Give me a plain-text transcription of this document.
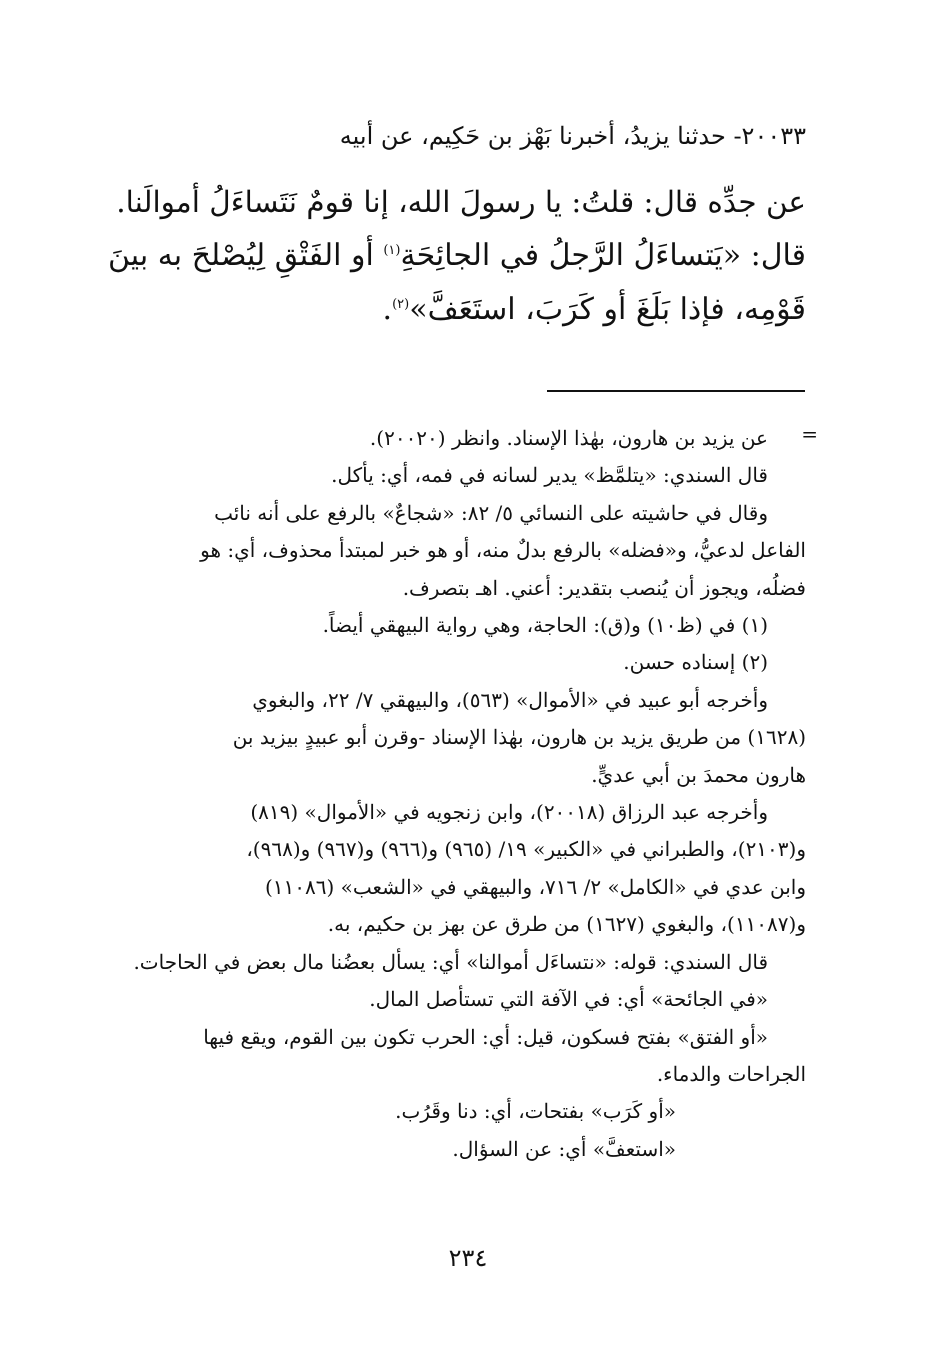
٢٠٠٣٣- حدثنا يزيدُ، أخبرنا بَهْز بن حَكِيم، عن أبيه

عن جدِّه قال: قلتُ: يا رسولَ الله، إنا قومٌ نَتَساءَلُ أموالَنا.

قال: «يَتساءَلُ الرَّجلُ في الجائِحَةِ$^{(١)}$ أو الفَتْقِ لِيُصْلحَ به بينَ

قَوْمِه، فإذا بَلَغَ أو كَرَبَ، استَعَفَّ»$^{(٢)}$.

=

عن يزيد بن هارون، بهٰذا الإسناد. وانظر (٢٠٠٢٠).

قال السندي: «يتلمَّظ» يدير لسانه في فمه، أي: يأكل.

وقال في حاشيته على النسائي ٥/ ٨٢: «شجاعٌ» بالرفع على أنه نائب

الفاعل لدعيُّ، و«فضله» بالرفع بدلٌ منه، أو هو خبر لمبتدأ محذوف، أي: هو

فضلُه، ويجوز أن يُنصب بتقدير: أعني. اهـ بتصرف.

(١) في (ظ١٠) و(ق): الحاجة، وهي رواية البيهقي أيضاً.

(٢) إسناده حسن.

وأخرجه أبو عبيد في «الأموال» (٥٦٣)، والبيهقي ٧/ ٢٢، والبغوي

(١٦٢٨) من طريق يزيد بن هارون، بهٰذا الإسناد -وقرن أبو عبيدٍ بيزيد بن

هارون محمدَ بن أبي عديٍّ.

وأخرجه عبد الرزاق (٢٠٠١٨)، وابن زنجويه في «الأموال» (٨١٩)

و(٢١٠٣)، والطبراني في «الكبير» ١٩/ (٩٦٥) و(٩٦٦) و(٩٦٧) و(٩٦٨)،

وابن عدي في «الكامل» ٢/ ٧١٦، والبيهقي في «الشعب» (١١٠٨٦)

و(١١٠٨٧)، والبغوي (١٦٢٧) من طرق عن بهز بن حكيم، به.

قال السندي: قوله: «نتساءَل أموالنا» أي: يسأل بعضُنا مال بعض في الحاجات.

«في الجائحة» أي: في الآفة التي تستأصل المال.

«أو الفتق» بفتح فسكون، قيل: أي: الحرب تكون بين القوم، ويقع فيها

الجراحات والدماء.

«أو كَرَب» بفتحات، أي: دنا وقَرُب.

«استعفَّ» أي: عن السؤال.

٢٣٤
